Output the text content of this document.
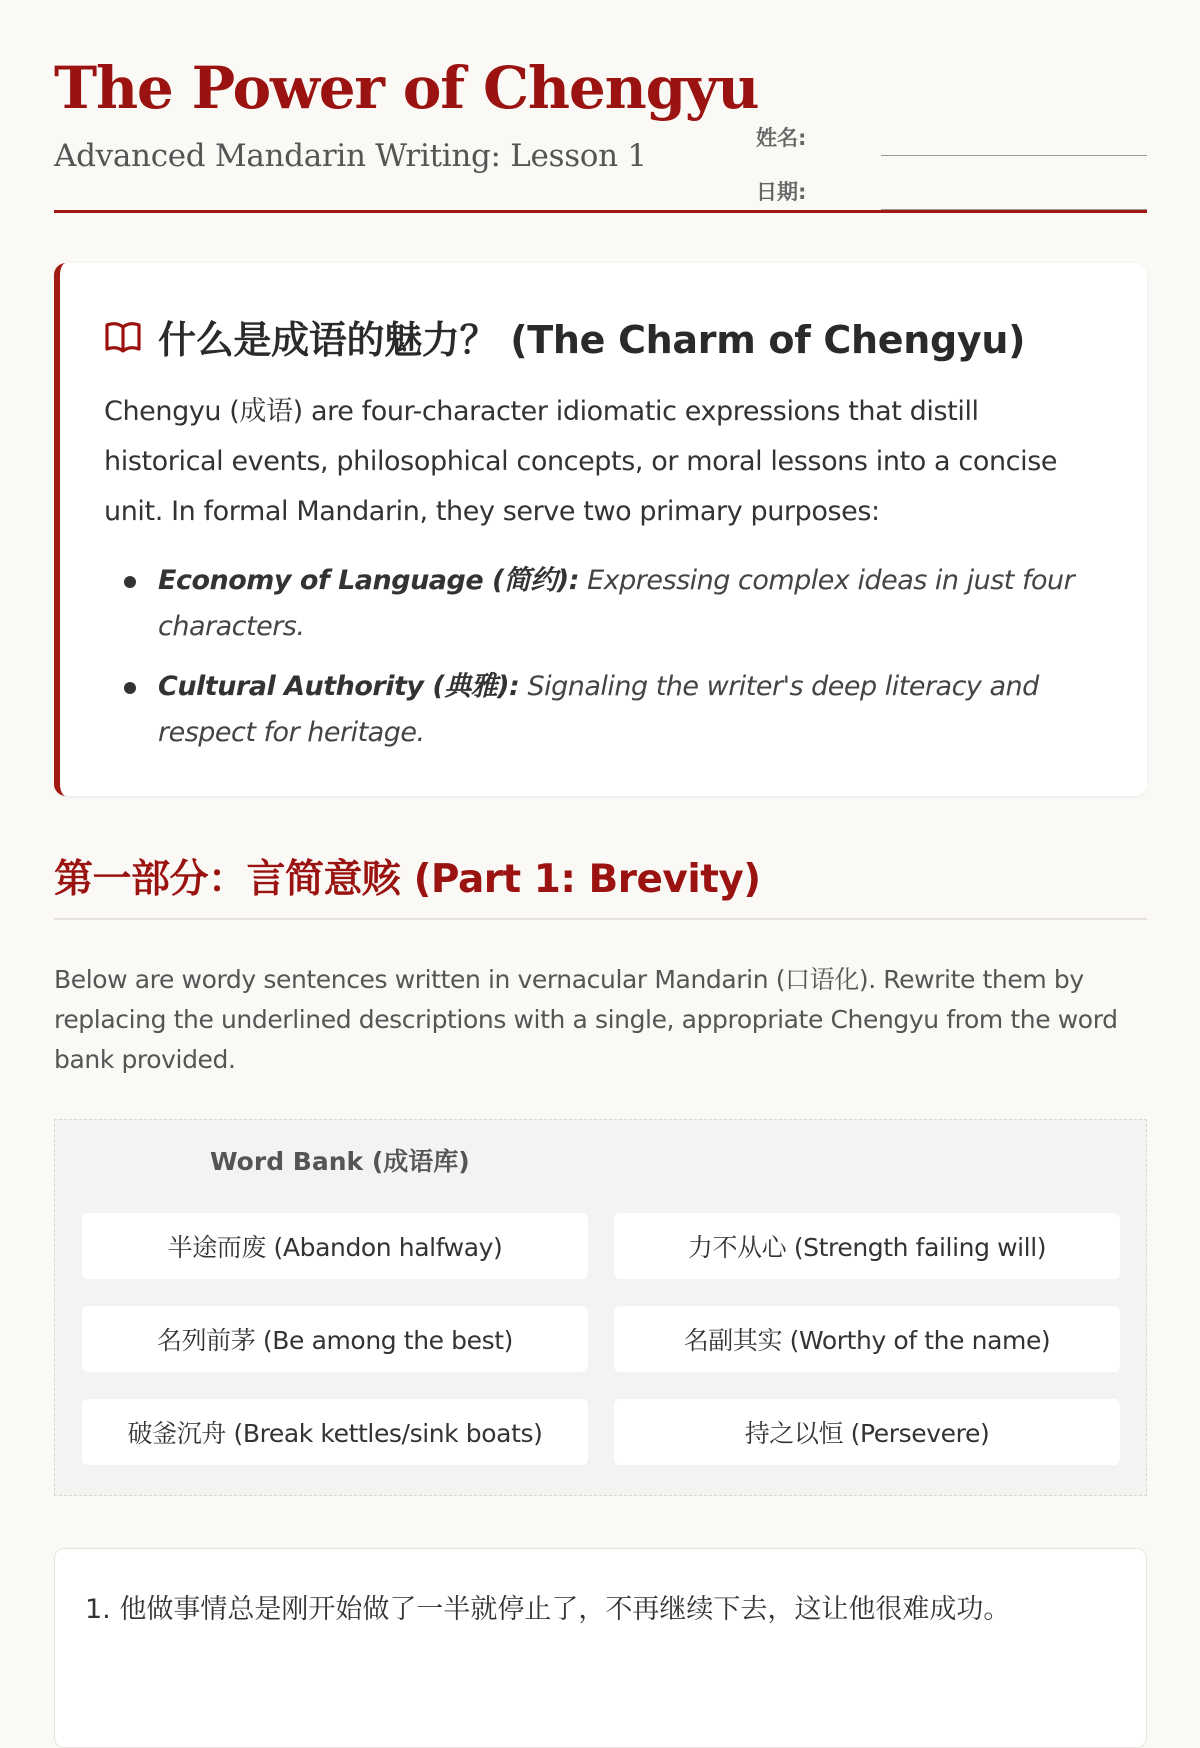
The Power of Chengyu
Advanced Mandarin Writing: Lesson 1	姓名:
日期:
什么是成语的魅力？ (The Charm of Chengyu)

Chengyu (成语) are four-character idiomatic expressions that distill historical events, philosophical concepts, or moral lessons into a concise unit. In formal Mandarin, they serve two primary purposes:

Economy of Language (简约): Expressing complex ideas in just four characters.
Cultural Authority (典雅): Signaling the writer's deep literacy and respect for heritage.
第一部分：言简意赅 (Part 1: Brevity)

Below are wordy sentences written in vernacular Mandarin (口语化). Rewrite them by replacing the underlined descriptions with a single, appropriate Chengyu from the word bank provided.

Word Bank (成语库)
半途而废 (Abandon halfway)	力不从心 (Strength failing will)
名列前茅 (Be among the best)	名副其实 (Worthy of the name)
破釜沉舟 (Break kettles/sink boats)	持之以恒 (Persevere)

1. 他做事情总是刚开始做了一半就停止了，不再继续下去，这让他很难成功。
